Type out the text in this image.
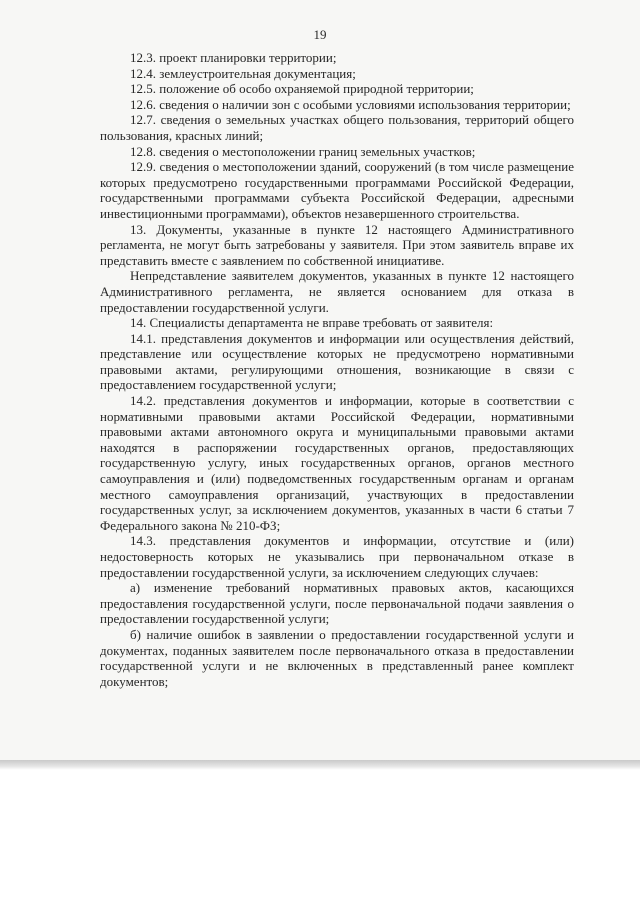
19

12.3. проект планировки территории;

12.4. землеустроительная документация;

12.5. положение об особо охраняемой природной территории;

12.6. сведения о наличии зон с особыми условиями использования территории;

12.7. сведения о земельных участках общего пользования, территорий общего пользования, красных линий;

12.8. сведения о местоположении границ земельных участков;

12.9. сведения о местоположении зданий, сооружений (в том числе размещение которых предусмотрено государственными программами Российской Федерации, государственными программами субъекта Российской Федерации, адресными инвестиционными программами), объектов незавершенного строительства.

13. Документы, указанные в пункте 12 настоящего Административного регламента, не могут быть затребованы у заявителя. При этом заявитель вправе их представить вместе с заявлением по собственной инициативе.

Непредставление заявителем документов, указанных в пункте 12 настоящего Административного регламента, не является основанием для отказа в предоставлении государственной услуги.

14. Специалисты департамента не вправе требовать от заявителя:

14.1. представления документов и информации или осуществления действий, представление или осуществление которых не предусмотрено нормативными правовыми актами, регулирующими отношения, возникающие в связи с предоставлением государственной услуги;

14.2. представления документов и информации, которые в соответствии с нормативными правовыми актами Российской Федерации, нормативными правовыми актами автономного округа и муниципальными правовыми актами находятся в распоряжении государственных органов, предоставляющих государственную услугу, иных государственных органов, органов местного самоуправления и (или) подведомственных государственным органам и органам местного самоуправления организаций, участвующих в предоставлении государственных услуг, за исключением документов, указанных в части 6 статьи 7 Федерального закона № 210-ФЗ;

14.3. представления документов и информации, отсутствие и (или) недостоверность которых не указывались при первоначальном отказе в предоставлении государственной услуги, за исключением следующих случаев:

а) изменение требований нормативных правовых актов, касающихся предоставления государственной услуги, после первоначальной подачи заявления о предоставлении государственной услуги;

б) наличие ошибок в заявлении о предоставлении государственной услуги и документах, поданных заявителем после первоначального отказа в предоставлении государственной услуги и не включенных в представленный ранее комплект документов;
